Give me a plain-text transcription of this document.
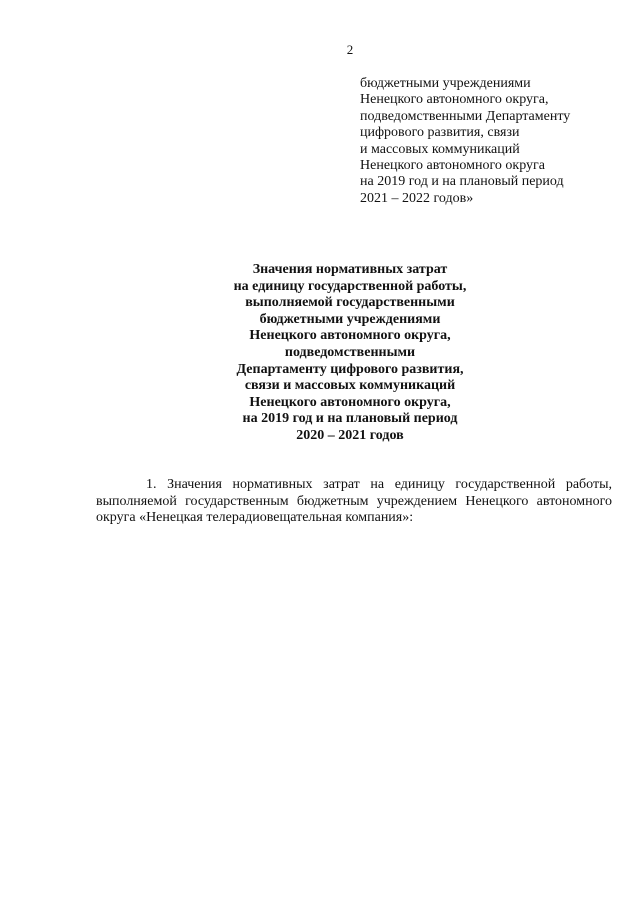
2
бюджетными учреждениями
Ненецкого автономного округа,
подведомственными Департаменту
цифрового развития, связи
и массовых коммуникаций
Ненецкого автономного округа
на 2019 год и на плановый период
2021 – 2022 годов»
Значения нормативных затрат
на единицу государственной работы,
выполняемой государственными
бюджетными учреждениями
Ненецкого автономного округа,
подведомственными
Департаменту цифрового развития,
связи и массовых коммуникаций
Ненецкого автономного округа,
на 2019 год и на плановый период
2020 – 2021 годов
1. Значения нормативных затрат на единицу государственной работы,
выполняемой государственным бюджетным учреждением Ненецкого автономного
округа «Ненецкая телерадиовещательная компания»:
